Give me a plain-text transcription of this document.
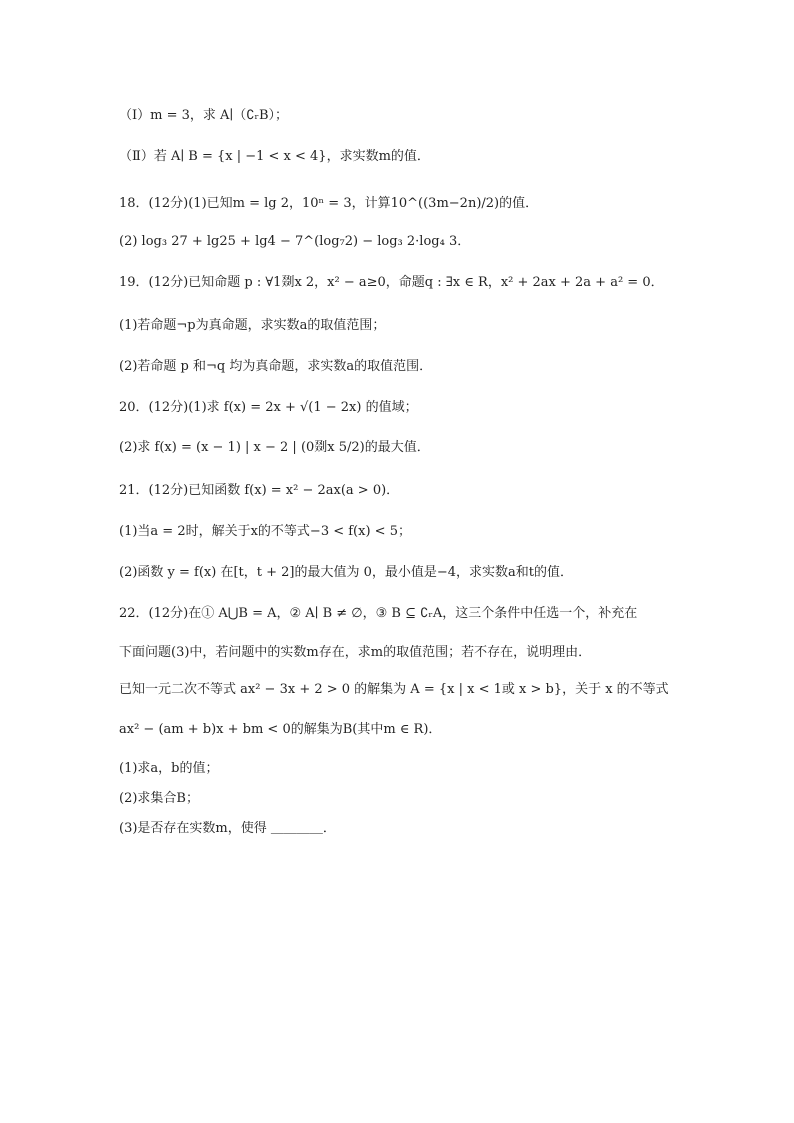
（Ⅰ）m = 3，求 A∣（∁ᵣB）；
（Ⅱ）若 A∣ B = {x | −1 < x < 4}，求实数m的值．
18．(12分)(1)已知m = lg 2，10ⁿ = 3，计算10^((3m−2n)/2)的值．
(2) log₃ 27 + lg25 + lg4 − 7^(log₇2) − log₃ 2·log₄ 3．
19．(12分)已知命题 p : ∀1剟x 2，x² − a≥0，命题q : ∃x ∈ R，x² + 2ax + 2a + a² = 0．
(1)若命题¬p为真命题，求实数a的取值范围；
(2)若命题 p 和¬q 均为真命题，求实数a的取值范围．
20．(12分)(1)求 f(x) = 2x + √(1 − 2x) 的值域；
(2)求 f(x) = (x − 1) | x − 2 | (0剟x 5/2)的最大值．
21．(12分)已知函数 f(x) = x² − 2ax(a > 0)．
(1)当a = 2时，解关于x的不等式−3 < f(x) < 5；
(2)函数 y = f(x) 在[t，t + 2]的最大值为 0，最小值是−4，求实数a和t的值．
22．(12分)在① A⋃B = A，② A∣ B ≠ ∅，③ B ⊆ ∁ᵣA，这三个条件中任选一个，补充在
下面问题(3)中，若问题中的实数m存在，求m的取值范围；若不存在，说明理由．
已知一元二次不等式 ax² − 3x + 2 > 0 的解集为 A = {x | x < 1或 x > b}，关于 x 的不等式
ax² − (am + b)x + bm < 0的解集为B(其中m ∈ R)．
(1)求a，b的值；
(2)求集合B；
(3)是否存在实数m，使得 ＿＿＿＿．
